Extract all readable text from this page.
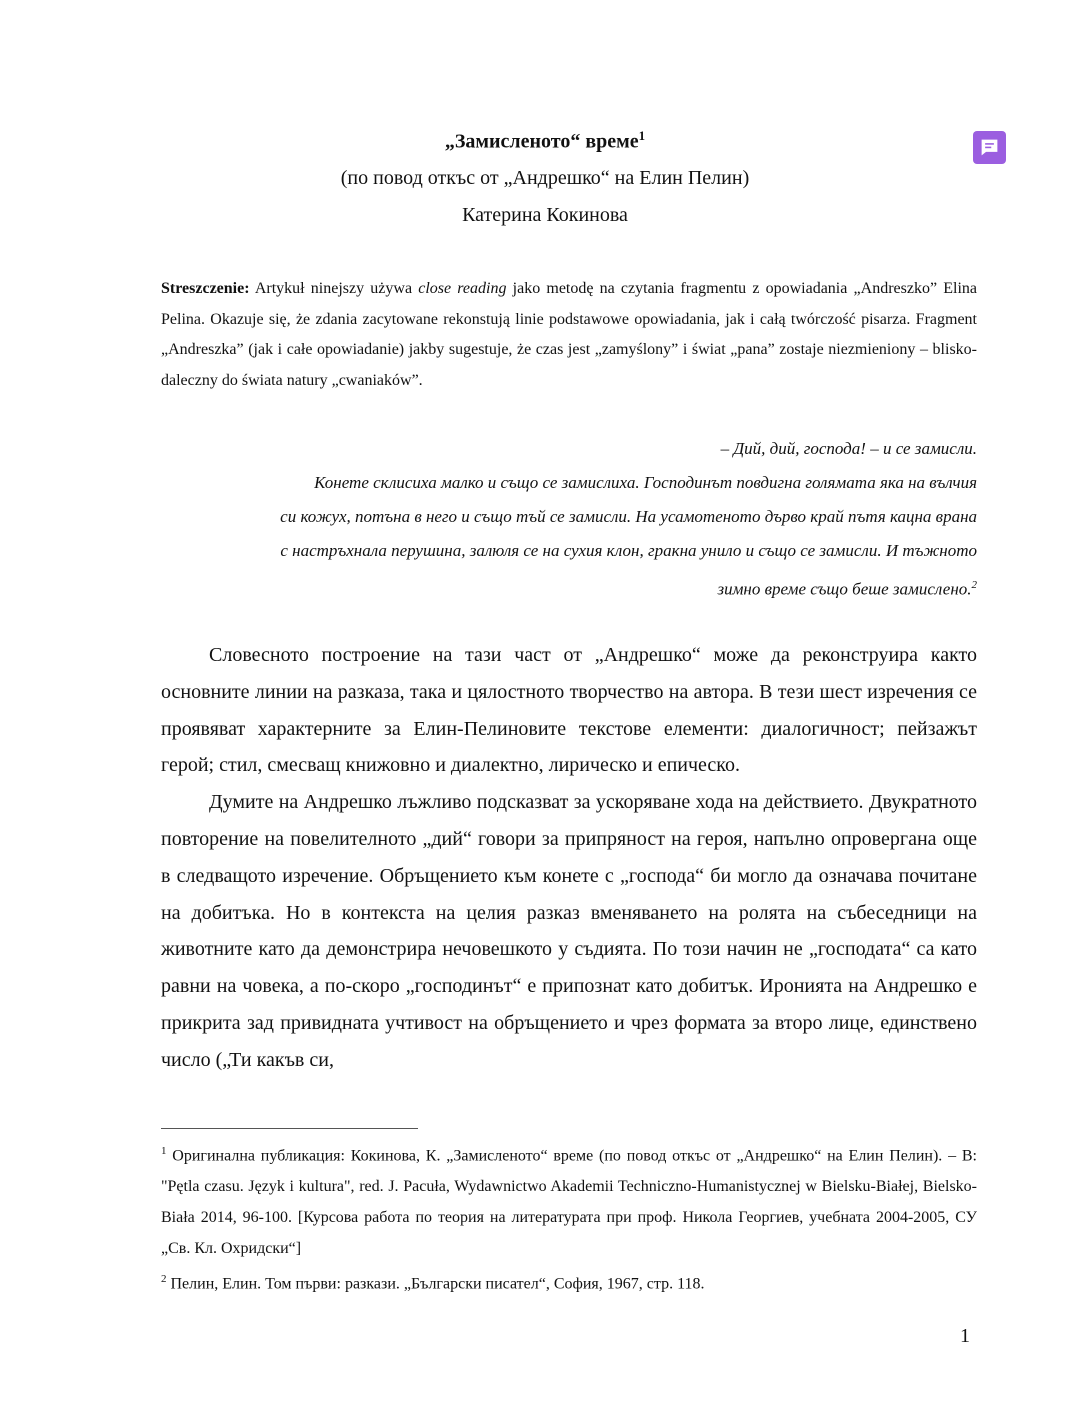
„Замисленото“ време$^1$
(по повод откъс от „Андрешко“ на Елин Пелин)
Катерина Кокинова
Streszczenie: Artykuł ninejszy używa close reading jako metodę na czytania fragmentu z opowiadania „Andreszko” Elina Pelina. Okazuje się, że zdania zacytowane rekonstują linie podstawowe opowiadania, jak i całą twórczość pisarza. Fragment „Andreszka” (jak i całe opowiadanie) jakby sugestuje, że czas jest „zamyślony” i świat „pana” zostaje niezmieniony – blisko-daleczny do świata natury „cwaniaków”.
– Дий, дий, господа! – и се замисли.
Конете склисиха малко и също се замислиха. Господинът повдигна голямата яка на вълчия
си кожух, потъна в него и също тъй се замисли. На усамотеното дърво край пътя кацна врана
с настръхнала перушина, залюля се на сухия клон, гракна унило и също се замисли. И тъжното
зимно време също беше замислено.$^2$

Словесното построение на тази част от „Андрешко“ може да реконструира както основните линии на разказа, така и цялостното творчество на автора. В тези шест изречения се проявяват характерните за Елин-Пелиновите текстове елементи: диалогичност; пейзажът герой; стил, смесващ книжовно и диалектно, лирическо и епическо.

Думите на Андрешко лъжливо подсказват за ускоряване хода на действието. Двукратното повторение на повелителното „дий“ говори за припряност на героя, напълно опровергана още в следващото изречение. Обръщението към конете с „господа“ би могло да означава почитане на добитъка. Но в контекста на целия разказ вменяването на ролята на събеседници на животните като да демонстрира нечовешкото у съдията. По този начин не „господата“ са като равни на човека, а по-скоро „господинът“ е припознат като добитък. Иронията на Андрешко е прикрита зад привидната учтивост на обръщението и чрез формата за второ лице, единствено число („Ти какъв си,

$^1$ Оригинална публикация: Кокинова, К. „Замисленото“ време (по повод откъс от „Андрешко“ на Елин Пелин). – В: "Pętla czasu. Język i kultura", red. J. Pacuła, Wydawnictwo Akademii Techniczno-Humanistycznej w Bielsku-Białej, Bielsko-Biała 2014, 96-100. [Курсова работа по теория на литературата при проф. Никола Георгиев, учебната 2004-2005, СУ „Св. Кл. Охридски“]

$^2$ Пелин, Елин. Том първи: разкази. „Български писател“, София, 1967, стр. 118.

1
